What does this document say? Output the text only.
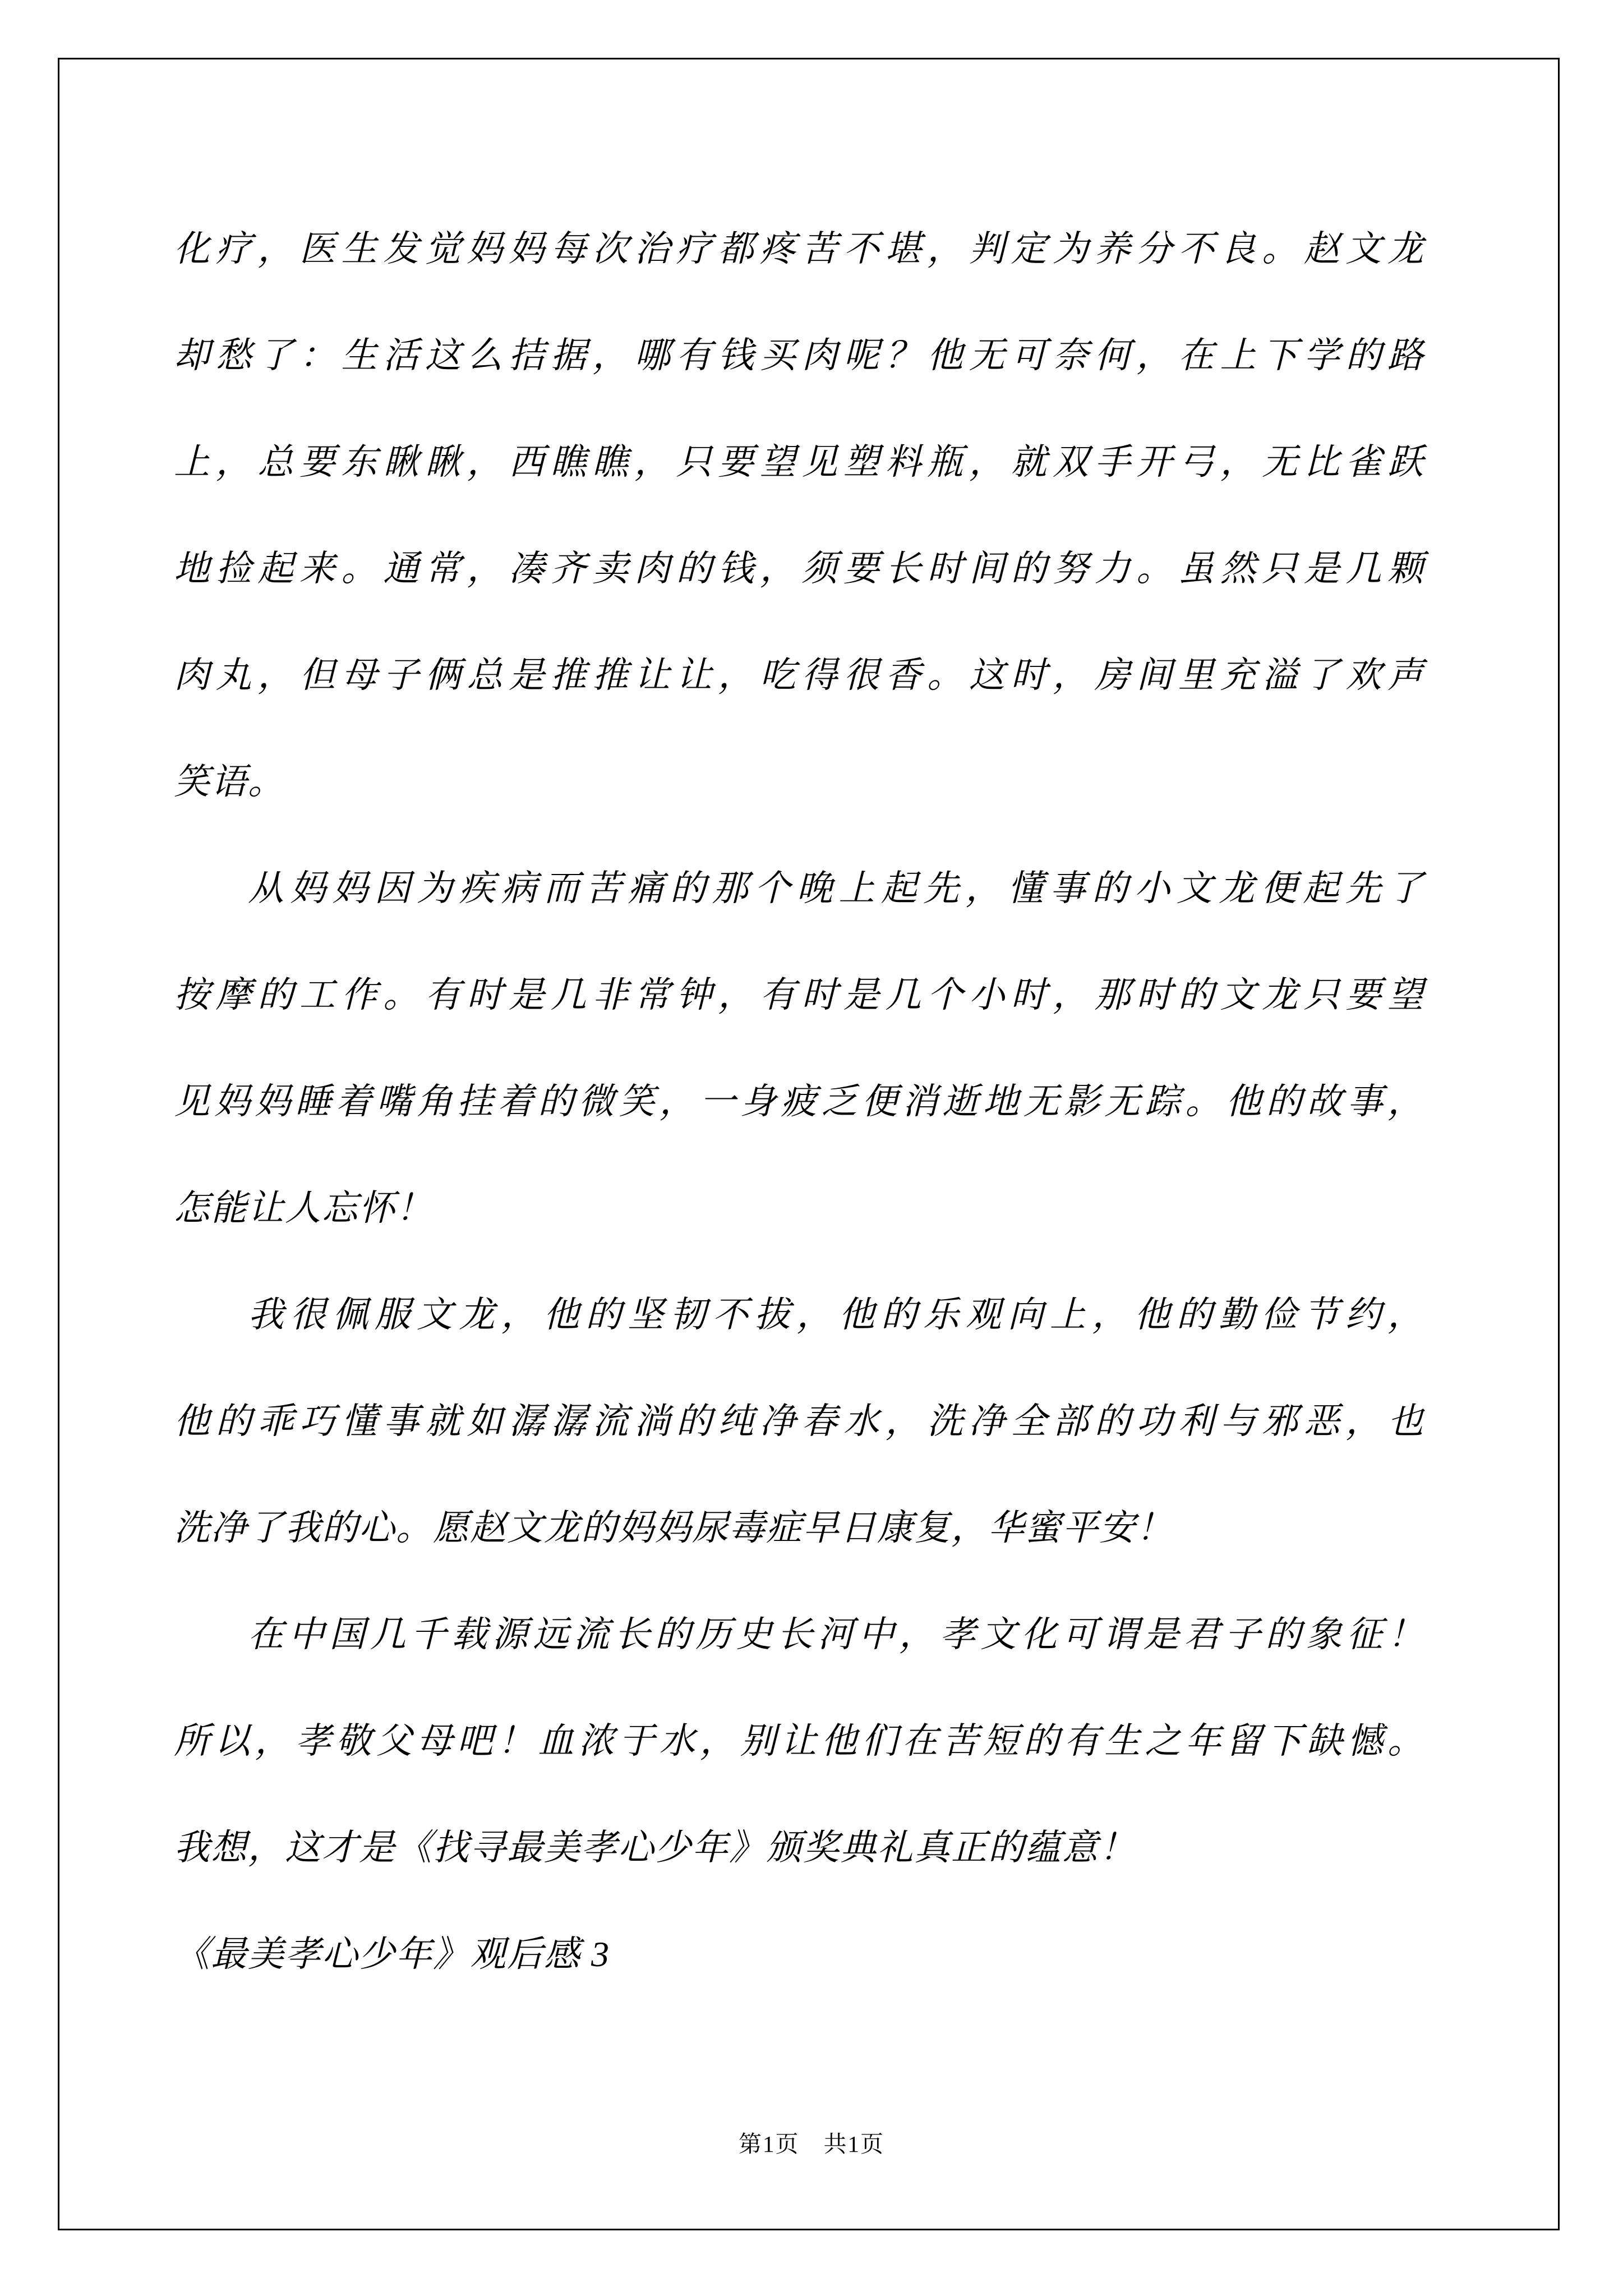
化疗，医生发觉妈妈每次治疗都疼苦不堪，判定为养分不良。赵文龙
却愁了：生活这么拮据，哪有钱买肉呢？他无可奈何，在上下学的路
上，总要东瞅瞅，西瞧瞧，只要望见塑料瓶，就双手开弓，无比雀跃
地捡起来。通常，凑齐卖肉的钱，须要长时间的努力。虽然只是几颗
肉丸，但母子俩总是推推让让，吃得很香。这时，房间里充溢了欢声
笑语。
从妈妈因为疾病而苦痛的那个晚上起先，懂事的小文龙便起先了
按摩的工作。有时是几非常钟，有时是几个小时，那时的文龙只要望
见妈妈睡着嘴角挂着的微笑，一身疲乏便消逝地无影无踪。他的故事，
怎能让人忘怀！
我很佩服文龙，他的坚韧不拔，他的乐观向上，他的勤俭节约，
他的乖巧懂事就如潺潺流淌的纯净春水，洗净全部的功利与邪恶，也
洗净了我的心。愿赵文龙的妈妈尿毒症早日康复，华蜜平安！
在中国几千载源远流长的历史长河中，孝文化可谓是君子的象征！
所以，孝敬父母吧！血浓于水，别让他们在苦短的有生之年留下缺憾。
我想，这才是《找寻最美孝心少年》颁奖典礼真正的蕴意！
《最美孝心少年》观后感 3
第1页　共1页
